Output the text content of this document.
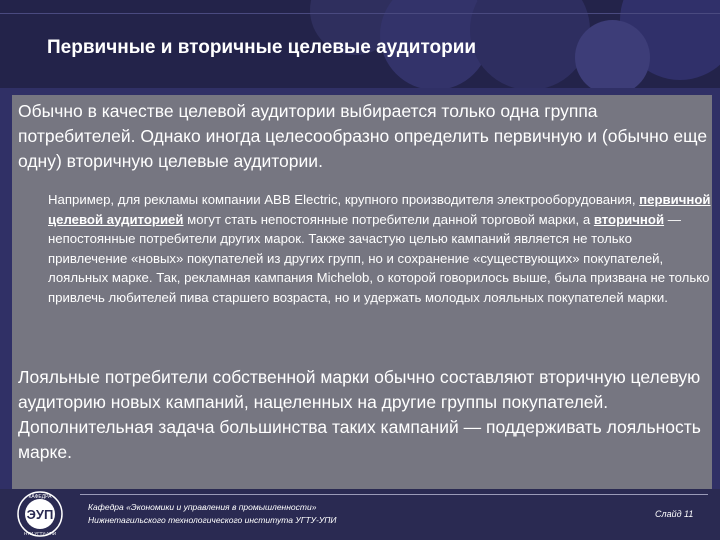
Первичные и вторичные целевые аудитории
Обычно в качестве целевой аудитории выбирается только одна группа потребителей. Однако иногда целесообразно определить первичную и (обычно еще одну) вторичную целевые аудитории.
Например, для рекламы компании ABB Electric, крупного производителя электрооборудования, первичной целевой аудиторией могут стать непостоянные потребители данной торговой марки, а вторичной — непостоянные потребители других марок. Также зачастую целью кампаний является не только привлечение «новых» покупателей из других групп, но и сохранение «существующих» покупателей, лояльных марке. Так, рекламная кампания Michelob, о которой говорилось выше, была призвана не только привлечь любителей пива старшего возраста, но и удержать молодых лояльных покупателей марки.
Лояльные потребители собственной марки обычно составляют вторичную целевую аудиторию новых кампаний, нацеленных на другие группы покупателей. Дополнительная задача большинства таких кампаний — поддерживать лояльность марке.
ЭУП
КАФЕДРА
НТИ УГТУ-УПИ
Кафедра «Экономики и управления в промышленности»
Нижнетагильского технологического института УГТУ-УПИ
Слайд 11
